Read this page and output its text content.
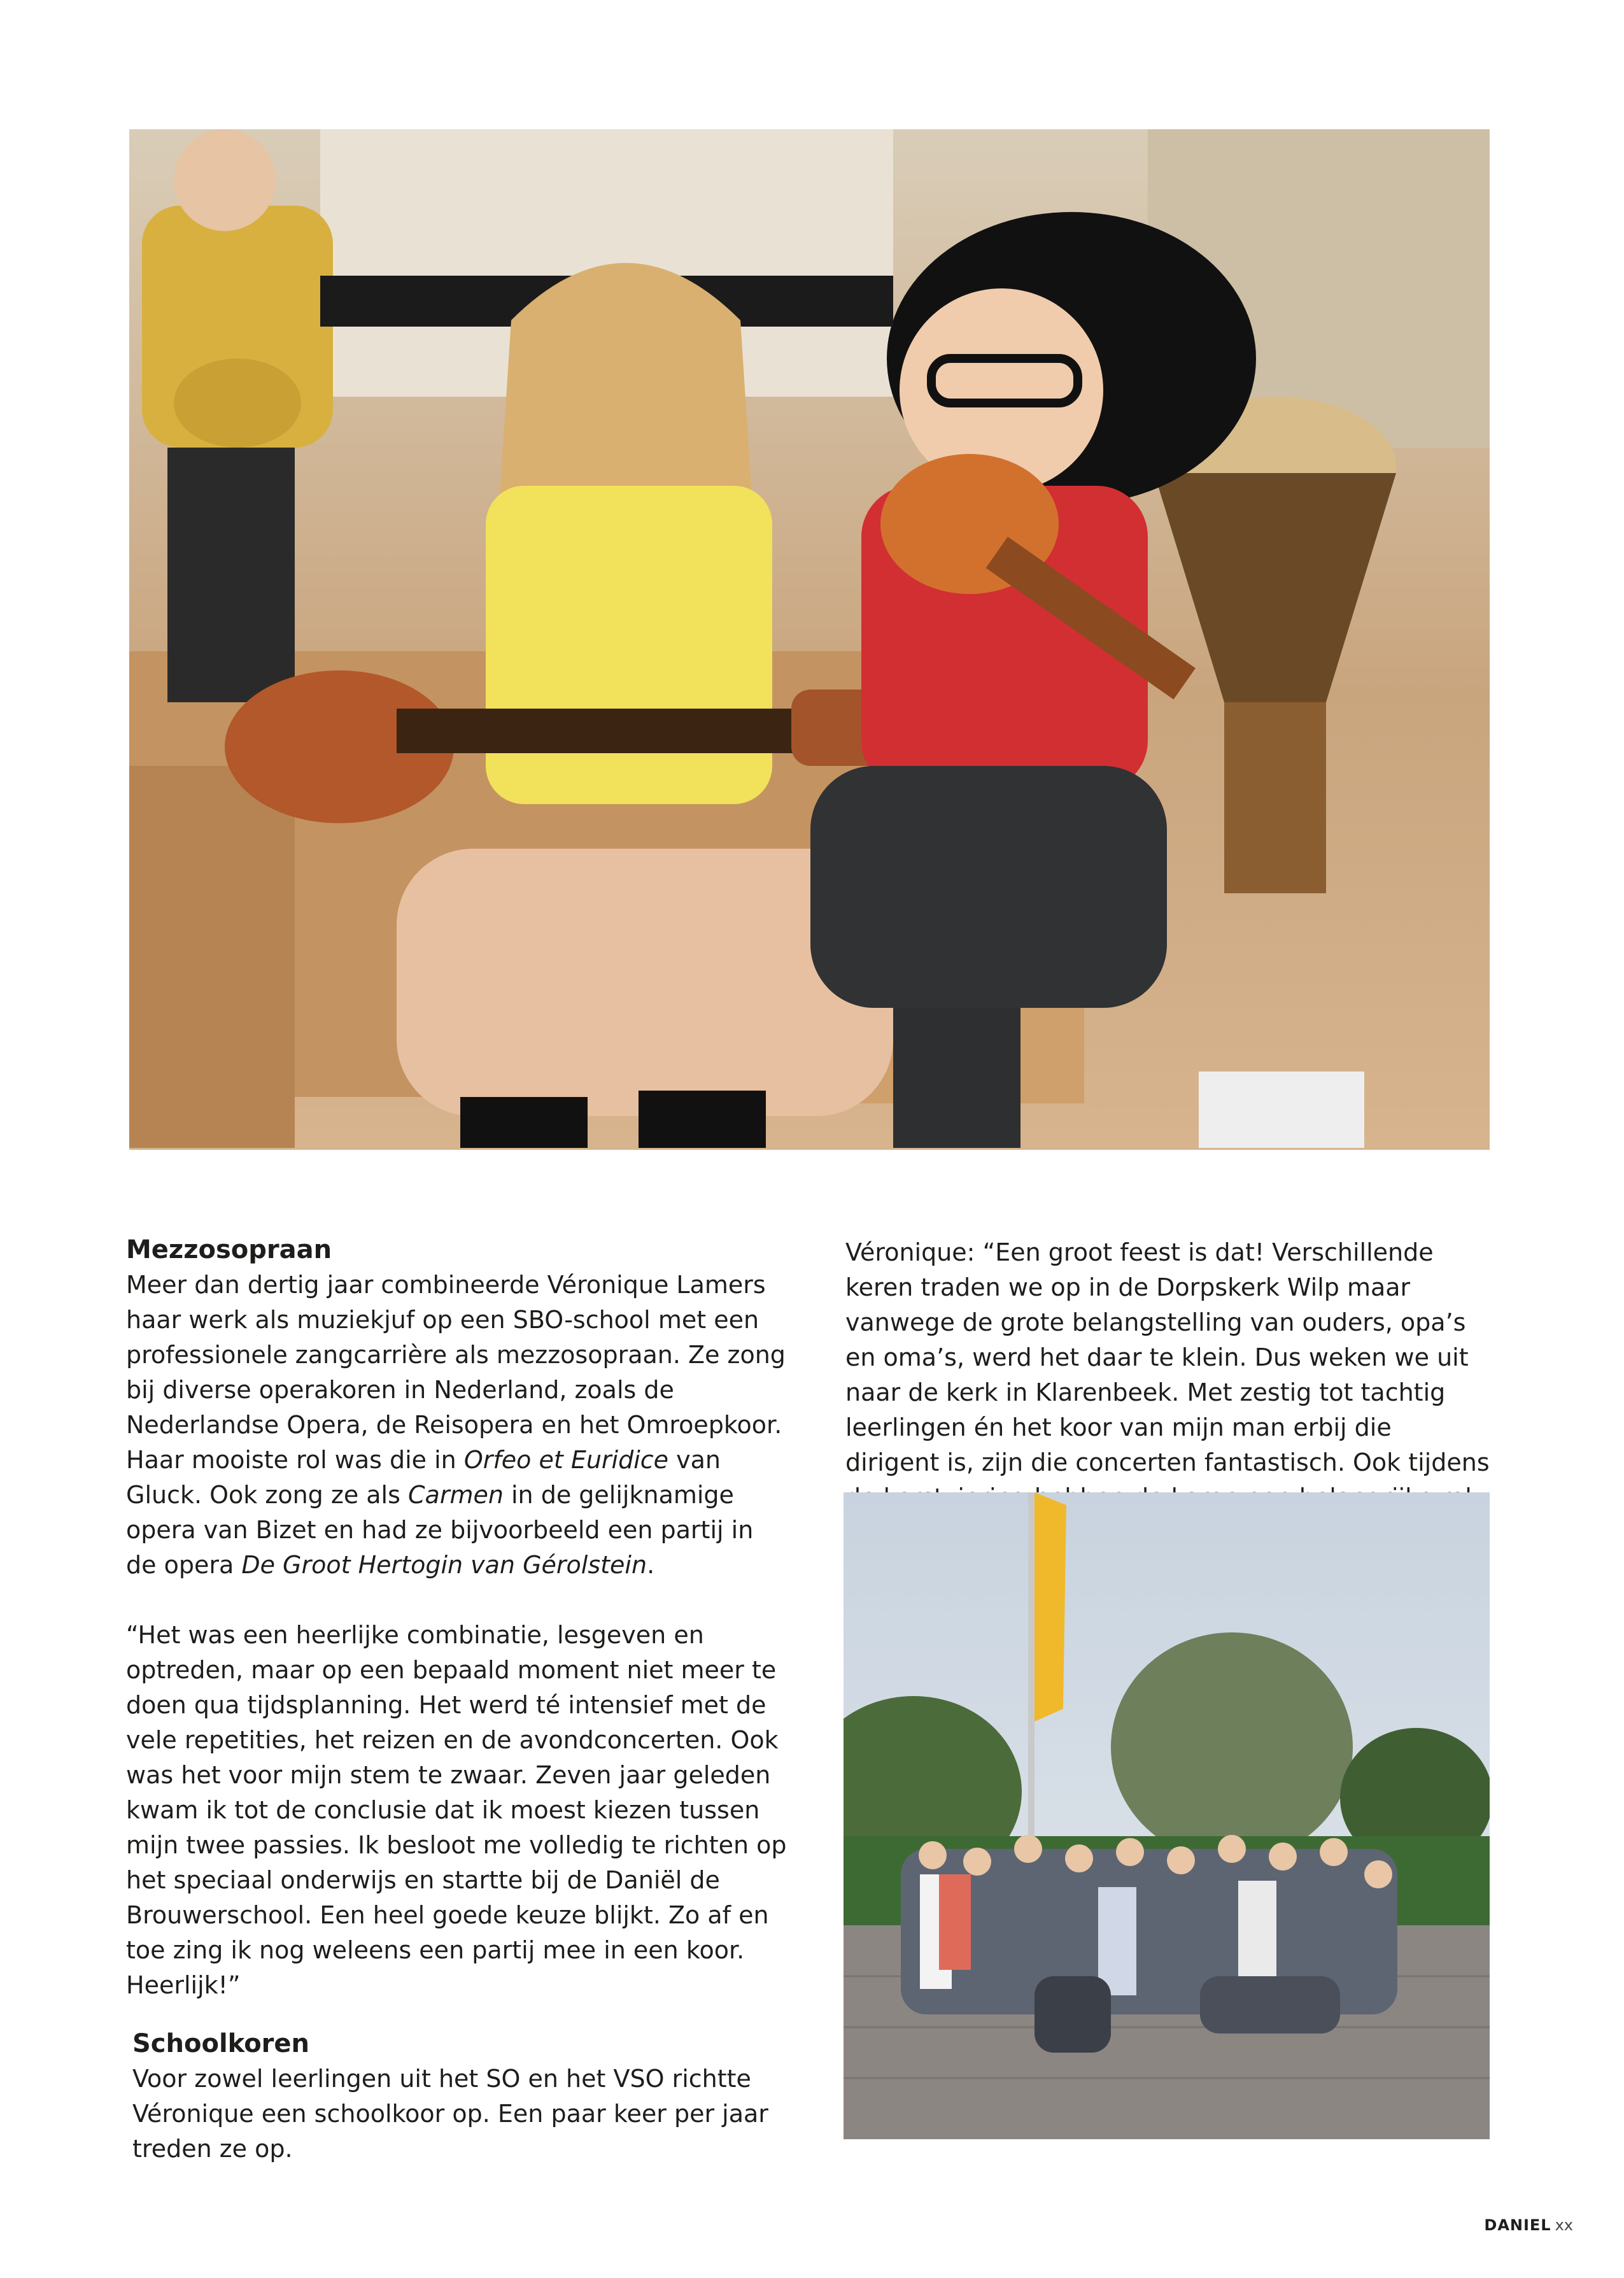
Mezzosopraan

Meer dan dertig jaar combineerde Véronique Lamers haar werk als muziekjuf op een SBO-school met een professionele zangcarrière als mezzosopraan. Ze zong bij diverse operakoren in Nederland, zoals de Nederlandse Opera, de Reisopera en het Omroepkoor. Haar mooiste rol was die in Orfeo et Euridice van Gluck. Ook zong ze als Carmen in de gelijknamige opera van Bizet en had ze bijvoorbeeld een partij in de opera De Groot Hertogin van Gérolstein.

“Het was een heerlijke combinatie, lesgeven en optreden, maar op een bepaald moment niet meer te doen qua tijdsplanning. Het werd té intensief met de vele repetities, het reizen en de avondconcerten. Ook was het voor mijn stem te zwaar. Zeven jaar geleden kwam ik tot de conclusie dat ik moest kiezen tussen mijn twee passies. Ik besloot me volledig te richten op het speciaal onderwijs en startte bij de Daniël de Brouwerschool. Een heel goede keuze blijkt. Zo af en toe zing ik nog weleens een partij mee in een koor. Heerlijk!”

Schoolkoren

Voor zowel leerlingen uit het SO en het VSO richtte Véronique een schoolkoor op. Een paar keer per jaar treden ze op.

Véronique: “Een groot feest is dat! Verschillende keren traden we op in de Dorpskerk Wilp maar vanwege de grote belangstelling van ouders, opa’s en oma’s, werd het daar te klein. Dus weken we uit naar de kerk in Klarenbeek. Met zestig tot tachtig leerlingen én het koor van mijn man erbij die dirigent is, zijn die concerten fantastisch. Ook tijdens

DANIEL xx
